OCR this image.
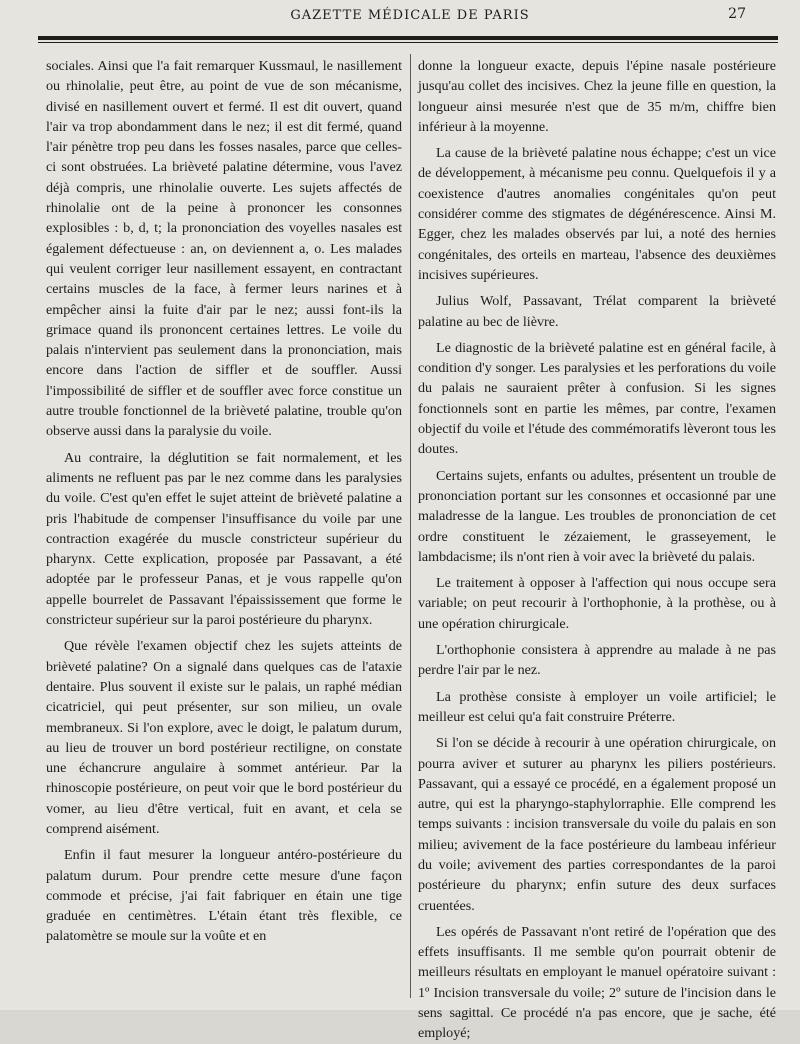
GAZETTE MÉDICALE DE PARIS	27

sociales. Ainsi que l'a fait remarquer Kussmaul, le nasillement ou rhinolalie, peut être, au point de vue de son mécanisme, divisé en nasillement ouvert et fermé. Il est dit ouvert, quand l'air va trop abondamment dans le nez; il est dit fermé, quand l'air pénètre trop peu dans les fosses nasales, parce que celles-ci sont obstruées. La brièveté palatine détermine, vous l'avez déjà compris, une rhinolalie ouverte. Les sujets affectés de rhinolalie ont de la peine à prononcer les consonnes explosibles : b, d, t; la prononciation des voyelles nasales est également défectueuse : an, on deviennent a, o. Les malades qui veulent corriger leur nasillement essayent, en contractant certains muscles de la face, à fermer leurs narines et à empêcher ainsi la fuite d'air par le nez; aussi font-ils la grimace quand ils prononcent certaines lettres. Le voile du palais n'intervient pas seulement dans la prononciation, mais encore dans l'action de siffler et de souffler. Aussi l'impossibilité de siffler et de souffler avec force constitue un autre trouble fonctionnel de la brièveté palatine, trouble qu'on observe aussi dans la paralysie du voile.

Au contraire, la déglutition se fait normalement, et les aliments ne refluent pas par le nez comme dans les paralysies du voile. C'est qu'en effet le sujet atteint de brièveté palatine a pris l'habitude de compenser l'insuffisance du voile par une contraction exagérée du muscle constricteur supérieur du pharynx. Cette explication, proposée par Passavant, a été adoptée par le professeur Panas, et je vous rappelle qu'on appelle bourrelet de Passavant l'épaississement que forme le constricteur supérieur sur la paroi postérieure du pharynx.

Que révèle l'examen objectif chez les sujets atteints de brièveté palatine? On a signalé dans quelques cas de l'ataxie dentaire. Plus souvent il existe sur le palais, un raphé médian cicatriciel, qui peut présenter, sur son milieu, un ovale membraneux. Si l'on explore, avec le doigt, le palatum durum, au lieu de trouver un bord postérieur rectiligne, on constate une échancrure angulaire à sommet antérieur. Par la rhinoscopie postérieure, on peut voir que le bord postérieur du vomer, au lieu d'être vertical, fuit en avant, et cela se comprend aisément.

Enfin il faut mesurer la longueur antéro-postérieure du palatum durum. Pour prendre cette mesure d'une façon commode et précise, j'ai fait fabriquer en étain une tige graduée en centimètres. L'étain étant très flexible, ce palatomètre se moule sur la voûte et en

donne la longueur exacte, depuis l'épine nasale postérieure jusqu'au collet des incisives. Chez la jeune fille en question, la longueur ainsi mesurée n'est que de 35 m/m, chiffre bien inférieur à la moyenne.

La cause de la brièveté palatine nous échappe; c'est un vice de développement, à mécanisme peu connu. Quelquefois il y a coexistence d'autres anomalies congénitales qu'on peut considérer comme des stigmates de dégénérescence. Ainsi M. Egger, chez les malades observés par lui, a noté des hernies congénitales, des orteils en marteau, l'absence des deuxièmes incisives supérieures.

Julius Wolf, Passavant, Trélat comparent la brièveté palatine au bec de lièvre.

Le diagnostic de la brièveté palatine est en général facile, à condition d'y songer. Les paralysies et les perforations du voile du palais ne sauraient prêter à confusion. Si les signes fonctionnels sont en partie les mêmes, par contre, l'examen objectif du voile et l'étude des commémoratifs lèveront tous les doutes.

Certains sujets, enfants ou adultes, présentent un trouble de prononciation portant sur les consonnes et occasionné par une maladresse de la langue. Les troubles de prononciation de cet ordre constituent le zézaiement, le grasseyement, le lambdacisme; ils n'ont rien à voir avec la brièveté du palais.

Le traitement à opposer à l'affection qui nous occupe sera variable; on peut recourir à l'orthophonie, à la prothèse, ou à une opération chirurgicale.

L'orthophonie consistera à apprendre au malade à ne pas perdre l'air par le nez.

La prothèse consiste à employer un voile artificiel; le meilleur est celui qu'a fait construire Préterre.

Si l'on se décide à recourir à une opération chirurgicale, on pourra aviver et suturer au pharynx les piliers postérieurs. Passavant, qui a essayé ce procédé, en a également proposé un autre, qui est la pharyngo-staphylorraphie. Elle comprend les temps suivants : incision transversale du voile du palais en son milieu; avivement de la face postérieure du lambeau inférieur du voile; avivement des parties correspondantes de la paroi postérieure du pharynx; enfin suture des deux surfaces cruentées.

Les opérés de Passavant n'ont retiré de l'opération que des effets insuffisants. Il me semble qu'on pourrait obtenir de meilleurs résultats en employant le manuel opératoire suivant : 1º Incision transversale du voile; 2º suture de l'incision dans le sens sagittal. Ce procédé n'a pas encore, que je sache, été employé;
